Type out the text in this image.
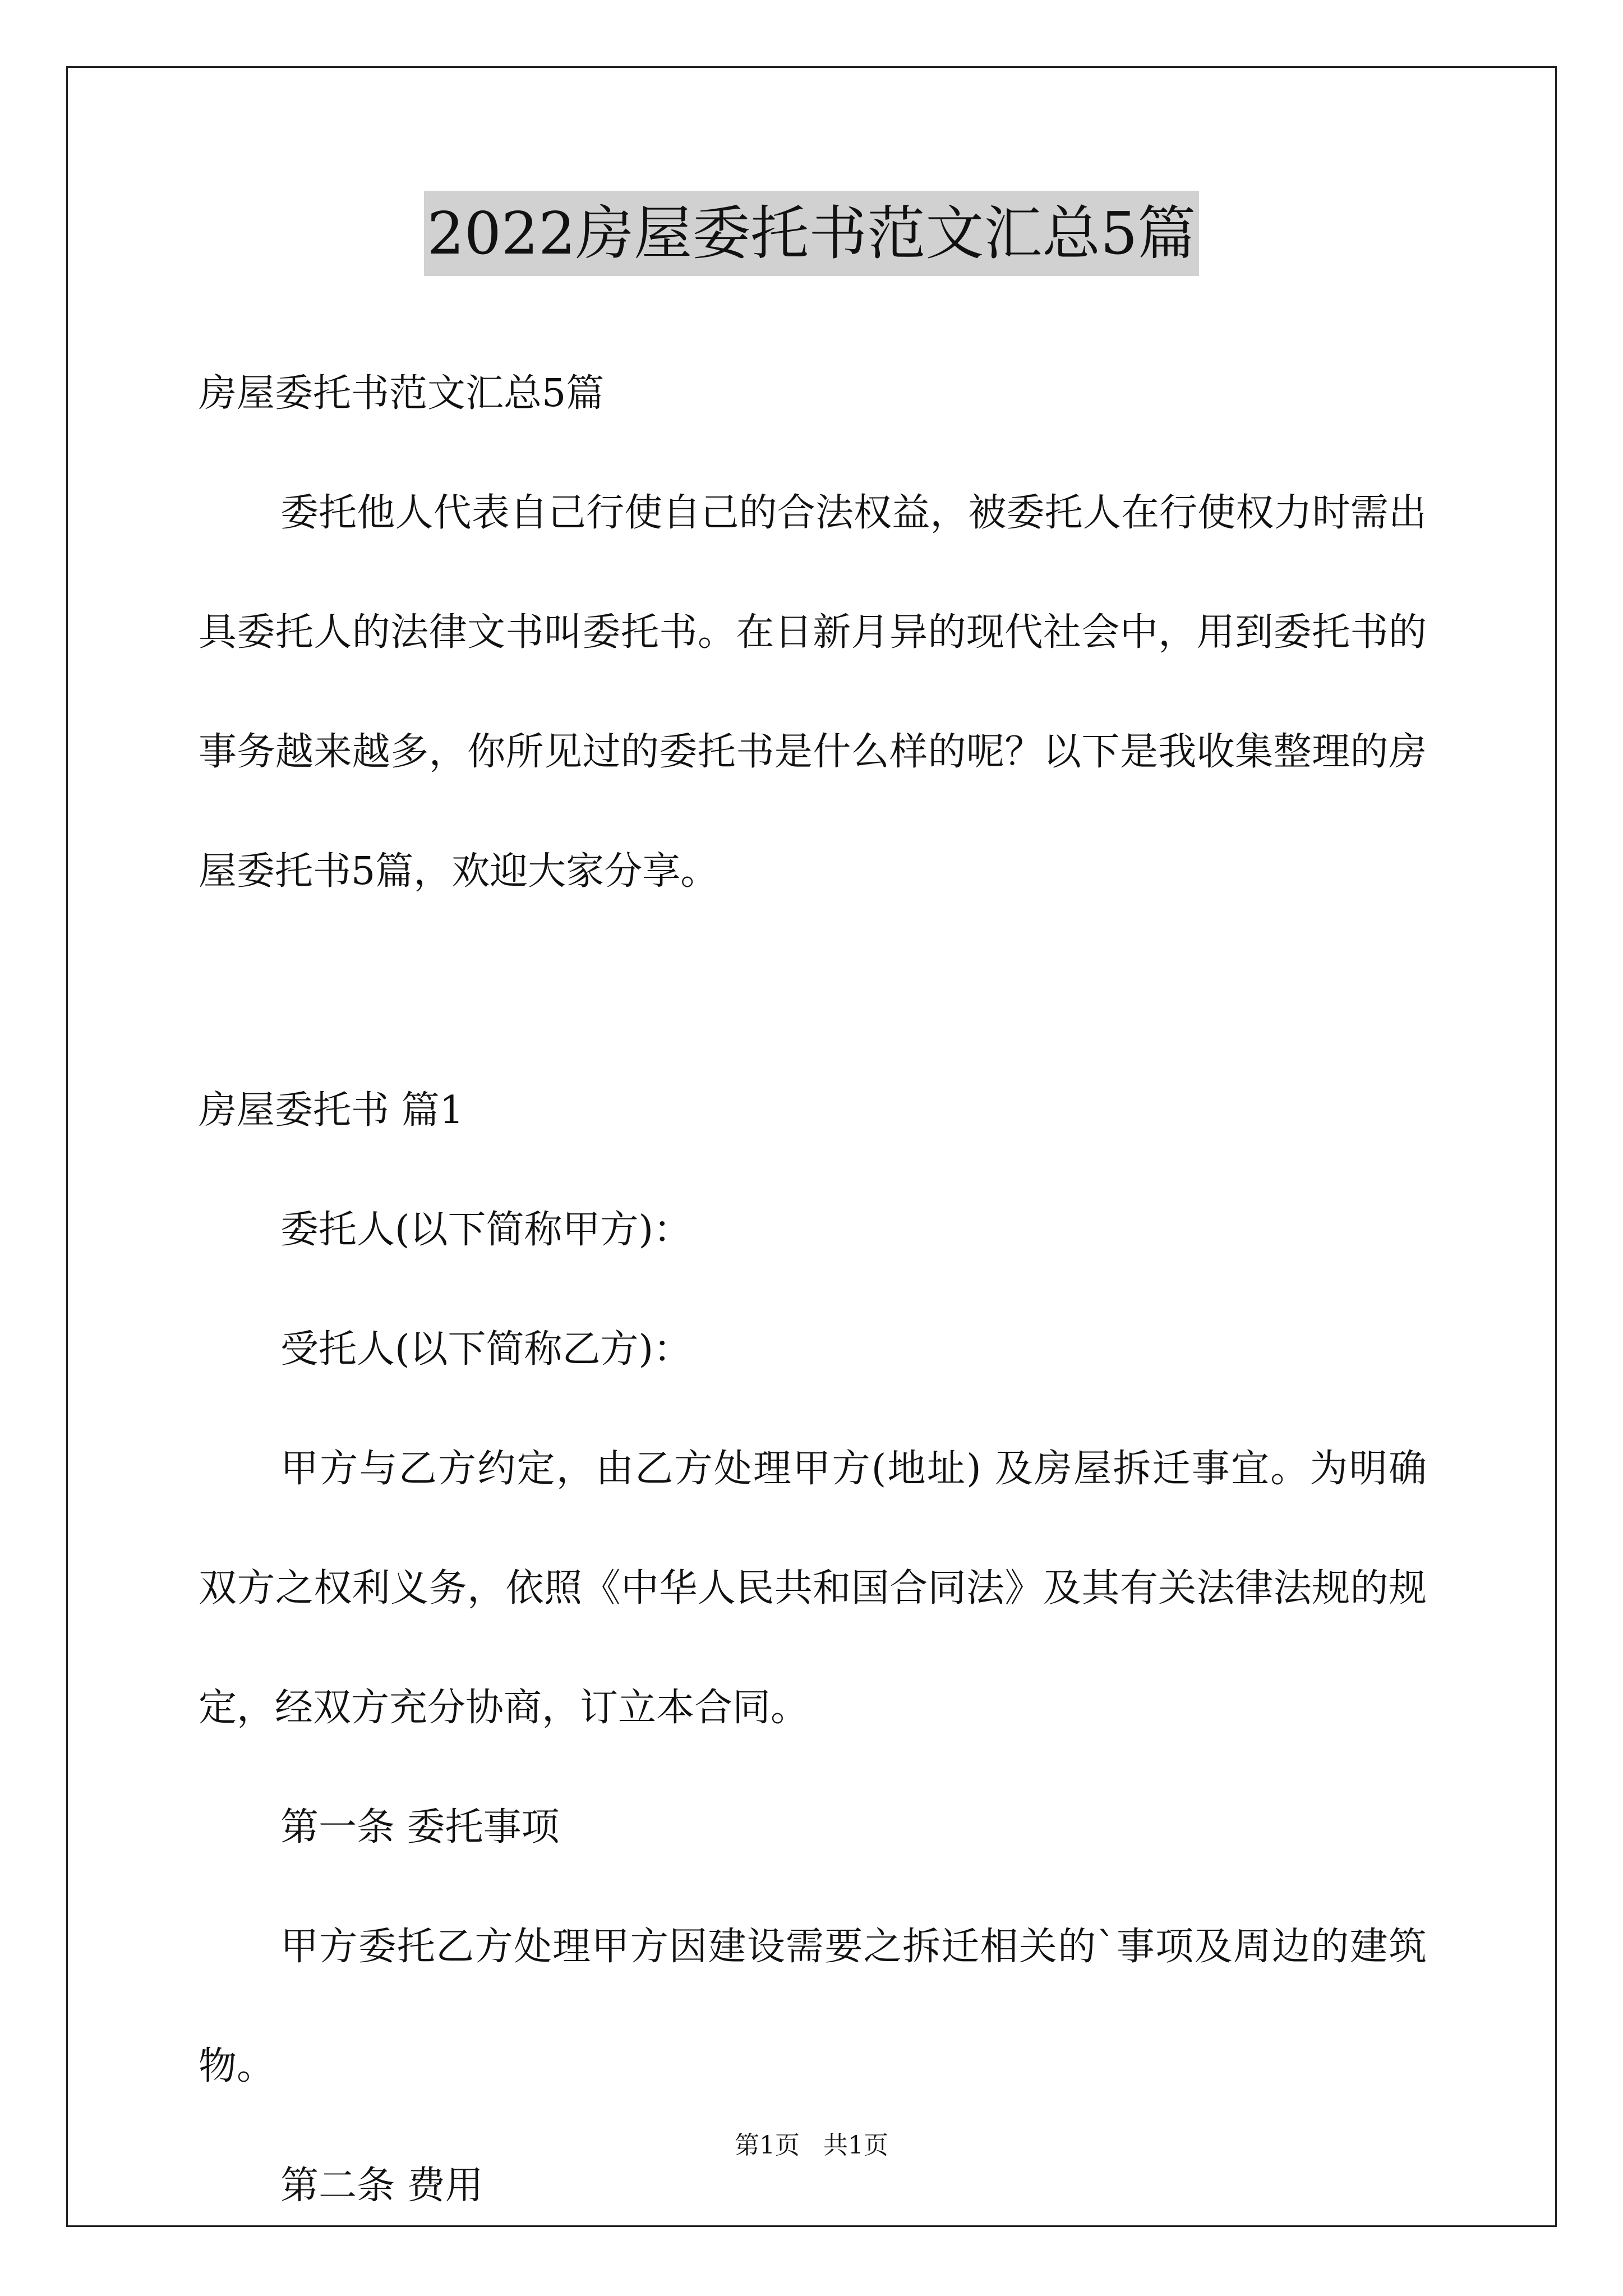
2022房屋委托书范文汇总5篇

房屋委托书范文汇总5篇

委托他人代表自己行使自己的合法权益，被委托人在行使权力时需出具委托人的法律文书叫委托书。在日新月异的现代社会中，用到委托书的事务越来越多，你所见过的委托书是什么样的呢？以下是我收集整理的房屋委托书5篇，欢迎大家分享。

房屋委托书 篇1

委托人(以下简称甲方)：

受托人(以下简称乙方)：

甲方与乙方约定，由乙方处理甲方(地址) 及房屋拆迁事宜。为明确双方之权利义务，依照《中华人民共和国合同法》及其有关法律法规的规定，经双方充分协商，订立本合同。

第一条 委托事项

甲方委托乙方处理甲方因建设需要之拆迁相关的`事项及周边的建筑物。

第二条 费用

第1页   共1页
